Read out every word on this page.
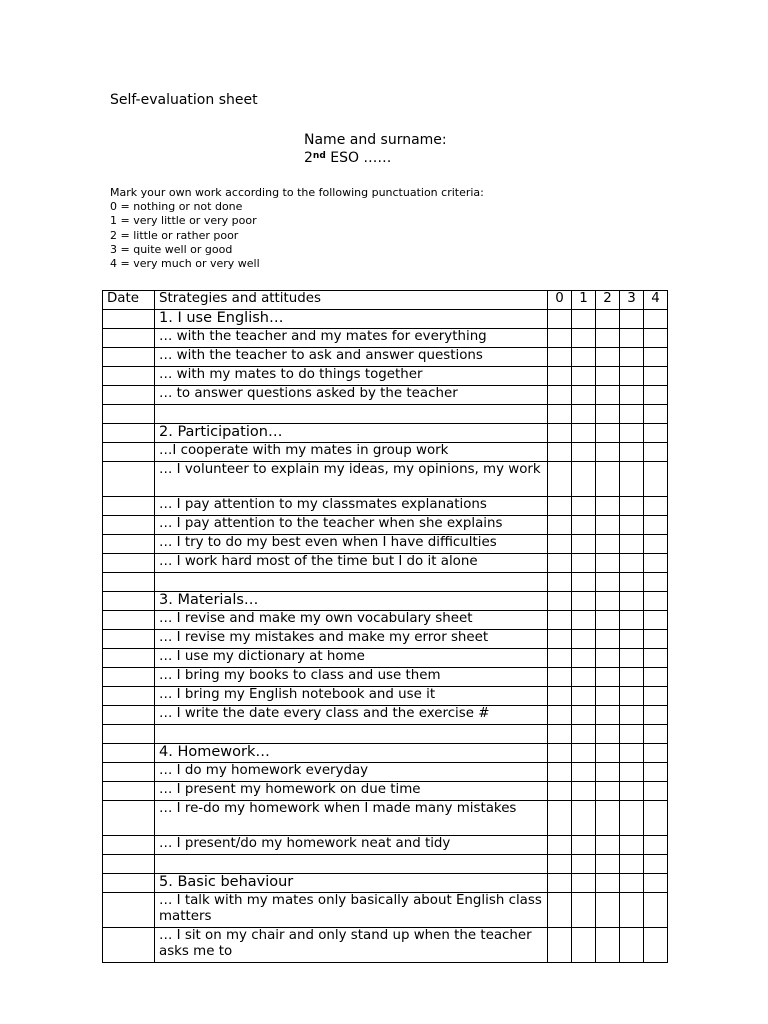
Self-evaluation sheet
Name and surname:
2nd ESO ……
Mark your own work according to the following punctuation criteria:
0 = nothing or not done
1 = very little or very poor
2 = little or rather poor
3 = quite well or good
4 = very much or very well
Date	Strategies and attitudes	0	1	2	3	4
	1. I use English…					
	… with the teacher and my mates for everything					
	… with the teacher to ask and answer questions					
	… with my mates to do things together					
	… to answer questions asked by the teacher					

	2. Participation…					
	…I cooperate with my mates in group work					
	… I volunteer to explain my ideas, my opinions, my work					
	… I pay attention to my classmates explanations					
	… I pay attention to the teacher when she explains					
	… I try to do my best even when I have difficulties					
	… I work hard most of the time but I do it alone					

	3. Materials…					
	… I revise and make my own vocabulary sheet					
	… I revise my mistakes and make my error sheet					
	… I use my dictionary at home					
	… I bring my books to class and use them					
	… I bring my English notebook and use it					
	… I write the date every class and the exercise #					

	4. Homework…					
	… I do my homework everyday					
	… I present my homework on due time					
	… I re-do my homework when I made many mistakes					
	… I present/do my homework neat and tidy					

	5. Basic behaviour					
	… I talk with my mates only basically about English class matters					
	… I sit on my chair and only stand up when the teacher asks me to					
